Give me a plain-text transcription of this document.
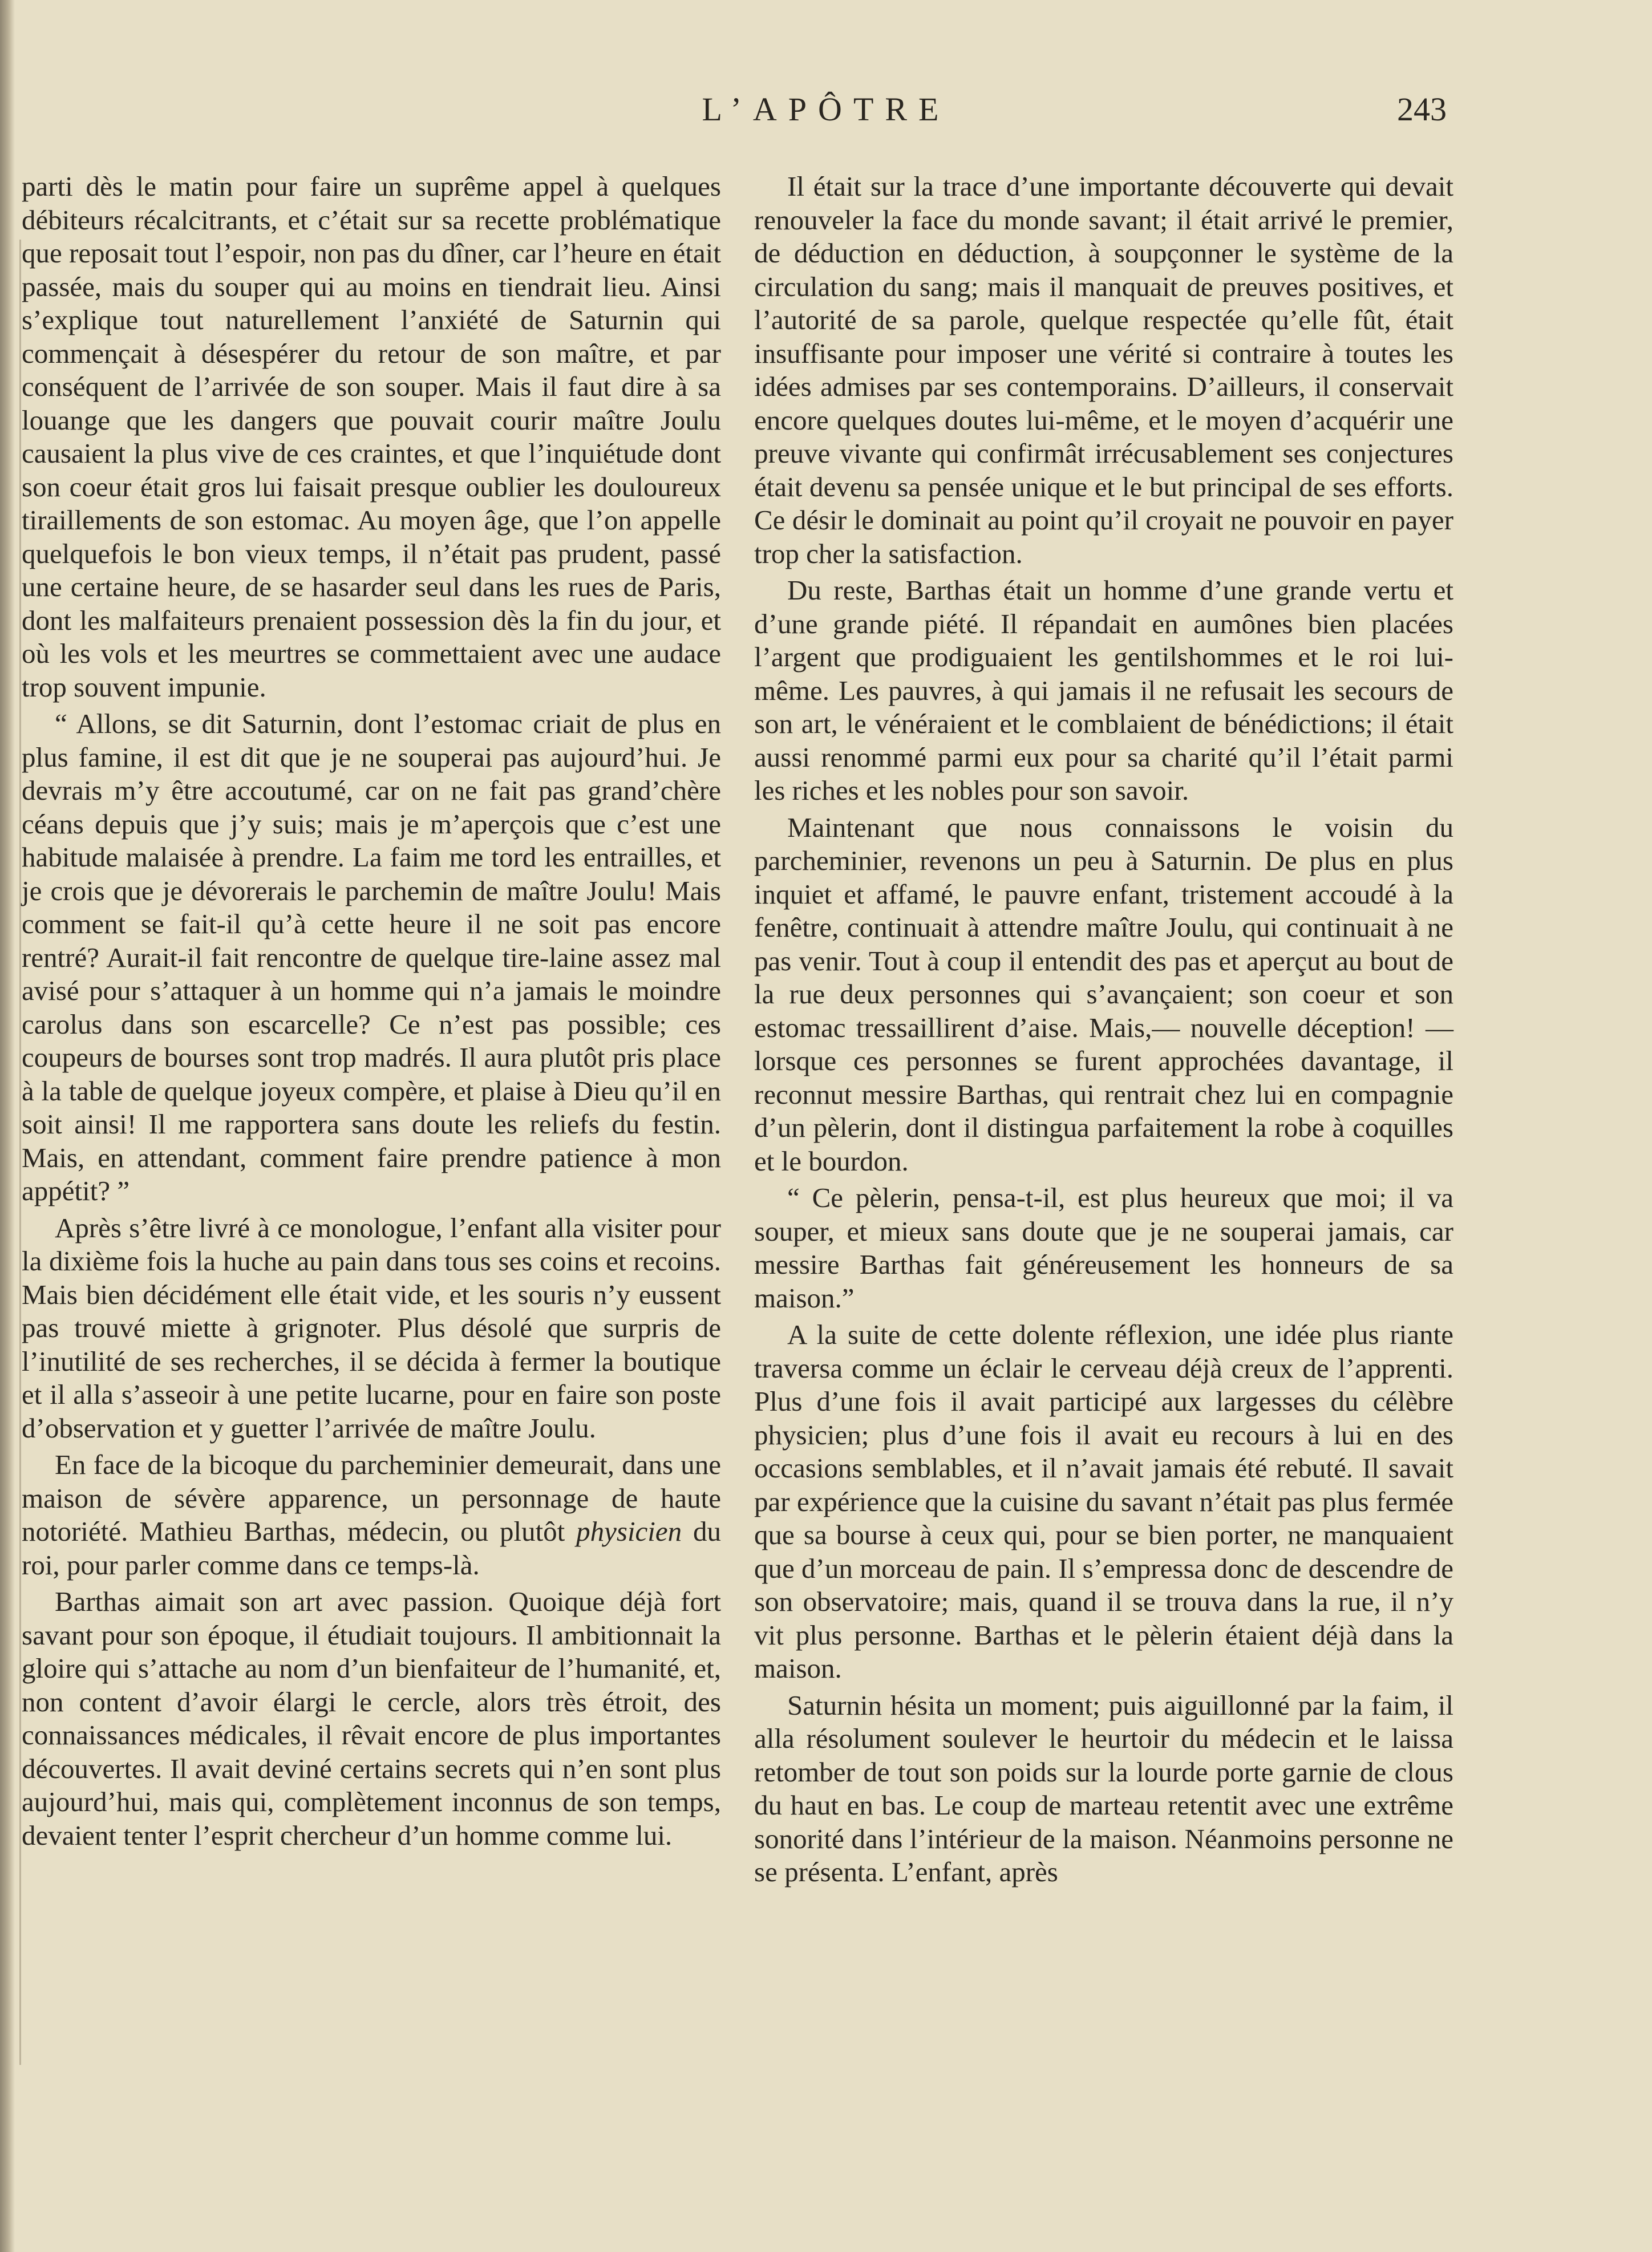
L’APÔTRE	243

parti dès le matin pour faire un suprême appel à quelques débiteurs récalcitrants, et c’était sur sa recette problématique que reposait tout l’espoir, non pas du dîner, car l’heure en était passée, mais du souper qui au moins en tiendrait lieu. Ainsi s’explique tout naturellement l’anxiété de Saturnin qui commençait à désespérer du retour de son maître, et par conséquent de l’arrivée de son souper. Mais il faut dire à sa louange que les dangers que pouvait courir maître Joulu causaient la plus vive de ces craintes, et que l’inquiétude dont son coeur était gros lui faisait presque oublier les douloureux tiraillements de son estomac. Au moyen âge, que l’on appelle quelquefois le bon vieux temps, il n’était pas prudent, passé une certaine heure, de se hasarder seul dans les rues de Paris, dont les malfaiteurs prenaient possession dès la fin du jour, et où les vols et les meurtres se commettaient avec une audace trop souvent impunie.

“ Allons, se dit Saturnin, dont l’estomac criait de plus en plus famine, il est dit que je ne souperai pas aujourd’hui. Je devrais m’y être accoutumé, car on ne fait pas grand’chère céans depuis que j’y suis; mais je m’aperçois que c’est une habitude malaisée à prendre. La faim me tord les entrailles, et je crois que je dévorerais le parchemin de maître Joulu! Mais comment se fait-il qu’à cette heure il ne soit pas encore rentré? Aurait-il fait rencontre de quelque tire-laine assez mal avisé pour s’attaquer à un homme qui n’a jamais le moindre carolus dans son escarcelle? Ce n’est pas possible; ces coupeurs de bourses sont trop madrés. Il aura plutôt pris place à la table de quelque joyeux compère, et plaise à Dieu qu’il en soit ainsi! Il me rapportera sans doute les reliefs du festin. Mais, en attendant, comment faire prendre patience à mon appétit? ”

Après s’être livré à ce monologue, l’enfant alla visiter pour la dixième fois la huche au pain dans tous ses coins et recoins. Mais bien décidément elle était vide, et les souris n’y eussent pas trouvé miette à grignoter. Plus désolé que surpris de l’inutilité de ses recherches, il se décida à fermer la boutique et il alla s’asseoir à une petite lucarne, pour en faire son poste d’observation et y guetter l’arrivée de maître Joulu.

En face de la bicoque du parcheminier demeurait, dans une maison de sévère apparence, un personnage de haute notoriété. Mathieu Barthas, médecin, ou plutôt physicien du roi, pour parler comme dans ce temps-là.

Barthas aimait son art avec passion. Quoique déjà fort savant pour son époque, il étudiait toujours. Il ambitionnait la gloire qui s’attache au nom d’un bienfaiteur de l’humanité, et, non content d’avoir élargi le cercle, alors très étroit, des connaissances médicales, il rêvait encore de plus importantes découvertes. Il avait deviné certains secrets qui n’en sont plus aujourd’hui, mais qui, complètement inconnus de son temps, devaient tenter l’esprit chercheur d’un homme comme lui.

Il était sur la trace d’une importante découverte qui devait renouveler la face du monde savant; il était arrivé le premier, de déduction en déduction, à soupçonner le système de la circulation du sang; mais il manquait de preuves positives, et l’autorité de sa parole, quelque respectée qu’elle fût, était insuffisante pour imposer une vérité si contraire à toutes les idées admises par ses contemporains. D’ailleurs, il conservait encore quelques doutes lui-même, et le moyen d’acquérir une preuve vivante qui confirmât irrécusablement ses conjectures était devenu sa pensée unique et le but principal de ses efforts. Ce désir le dominait au point qu’il croyait ne pouvoir en payer trop cher la satisfaction.

Du reste, Barthas était un homme d’une grande vertu et d’une grande piété. Il répandait en aumônes bien placées l’argent que prodiguaient les gentilshommes et le roi lui-même. Les pauvres, à qui jamais il ne refusait les secours de son art, le vénéraient et le comblaient de bénédictions; il était aussi renommé parmi eux pour sa charité qu’il l’était parmi les riches et les nobles pour son savoir.

Maintenant que nous connaissons le voisin du parcheminier, revenons un peu à Saturnin. De plus en plus inquiet et affamé, le pauvre enfant, tristement accoudé à la fenêtre, continuait à attendre maître Joulu, qui continuait à ne pas venir. Tout à coup il entendit des pas et aperçut au bout de la rue deux personnes qui s’avançaient; son coeur et son estomac tressaillirent d’aise. Mais,— nouvelle déception! — lorsque ces personnes se furent approchées davantage, il reconnut messire Barthas, qui rentrait chez lui en compagnie d’un pèlerin, dont il distingua parfaitement la robe à coquilles et le bourdon.

“ Ce pèlerin, pensa-t-il, est plus heureux que moi; il va souper, et mieux sans doute que je ne souperai jamais, car messire Barthas fait généreusement les honneurs de sa maison.”

A la suite de cette dolente réflexion, une idée plus riante traversa comme un éclair le cerveau déjà creux de l’apprenti. Plus d’une fois il avait participé aux largesses du célèbre physicien; plus d’une fois il avait eu recours à lui en des occasions semblables, et il n’avait jamais été rebuté. Il savait par expérience que la cuisine du savant n’était pas plus fermée que sa bourse à ceux qui, pour se bien porter, ne manquaient que d’un morceau de pain. Il s’empressa donc de descendre de son observatoire; mais, quand il se trouva dans la rue, il n’y vit plus personne. Barthas et le pèlerin étaient déjà dans la maison.

Saturnin hésita un moment; puis aiguillonné par la faim, il alla résolument soulever le heurtoir du médecin et le laissa retomber de tout son poids sur la lourde porte garnie de clous du haut en bas. Le coup de marteau retentit avec une extrême sonorité dans l’intérieur de la maison. Néanmoins personne ne se présenta. L’enfant, après
